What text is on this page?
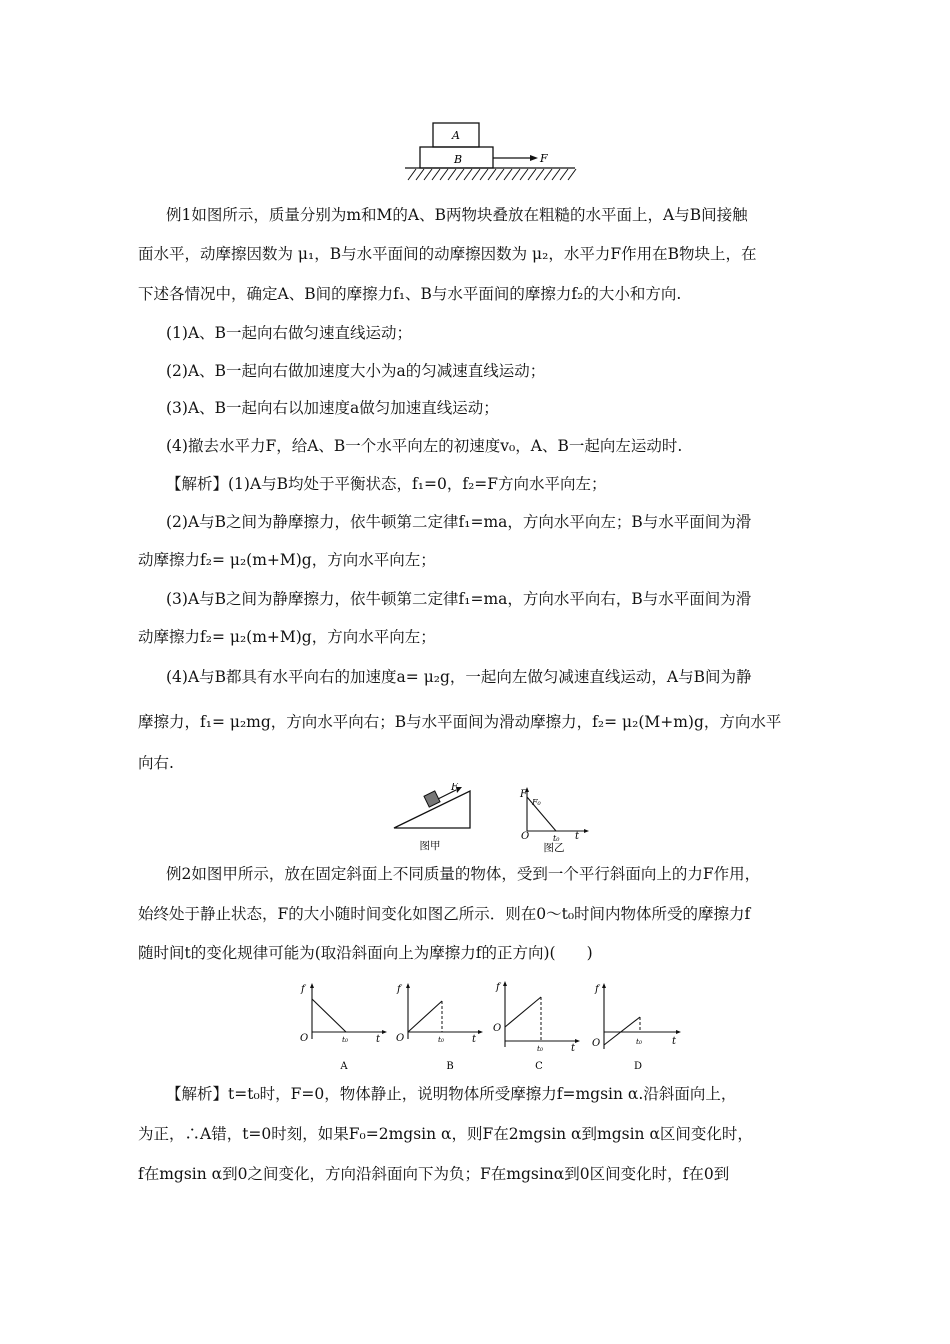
A
B	F
例1如图所示，质量分别为m和M的A、B两物块叠放在粗糙的水平面上，A与B间接触
面水平，动摩擦因数为 μ₁，B与水平面间的动摩擦因数为 μ₂，水平力F作用在B物块上，在
下述各情况中，确定A、B间的摩擦力f₁、B与水平面间的摩擦力f₂的大小和方向.
(1)A、B一起向右做匀速直线运动；
(2)A、B一起向右做加速度大小为a的匀减速直线运动；
(3)A、B一起向右以加速度a做匀加速直线运动；
(4)撤去水平力F，给A、B一个水平向左的初速度v₀，A、B一起向左运动时.
【解析】(1)A与B均处于平衡状态，f₁=0，f₂=F方向水平向左；
(2)A与B之间为静摩擦力，依牛顿第二定律f₁=ma，方向水平向左；B与水平面间为滑
动摩擦力f₂= μ₂(m+M)g，方向水平向左；
(3)A与B之间为静摩擦力，依牛顿第二定律f₁=ma，方向水平向右，B与水平面间为滑
动摩擦力f₂= μ₂(m+M)g，方向水平向左；
(4)A与B都具有水平向右的加速度a= μ₂g，一起向左做匀减速直线运动，A与B间为静
摩擦力，f₁= μ₂mg，方向水平向右；B与水平面间为滑动摩擦力，f₂= μ₂(M+m)g，方向水平
向右.
F
图甲
F
F₀
O	t₀ t
图乙
例2如图甲所示，放在固定斜面上不同质量的物体，受到一个平行斜面向上的力F作用，
始终处于静止状态，F的大小随时间变化如图乙所示．则在0～t₀时间内物体所受的摩擦力f
随时间t的变化规律可能为(取沿斜面向上为摩擦力f的正方向)(　　)
f
O	t₀	t
A
f
O	t₀	t
B
f
O
t₀	t
C
f
O	t₀	t
D
【解析】t=t₀时，F=0，物体静止，说明物体所受摩擦力f=mgsin α.沿斜面向上，
为正，∴A错，t=0时刻，如果F₀=2mgsin α，则F在2mgsin α到mgsin α区间变化时，
f在mgsin α到0之间变化，方向沿斜面向下为负；F在mgsinα到0区间变化时，f在0到
